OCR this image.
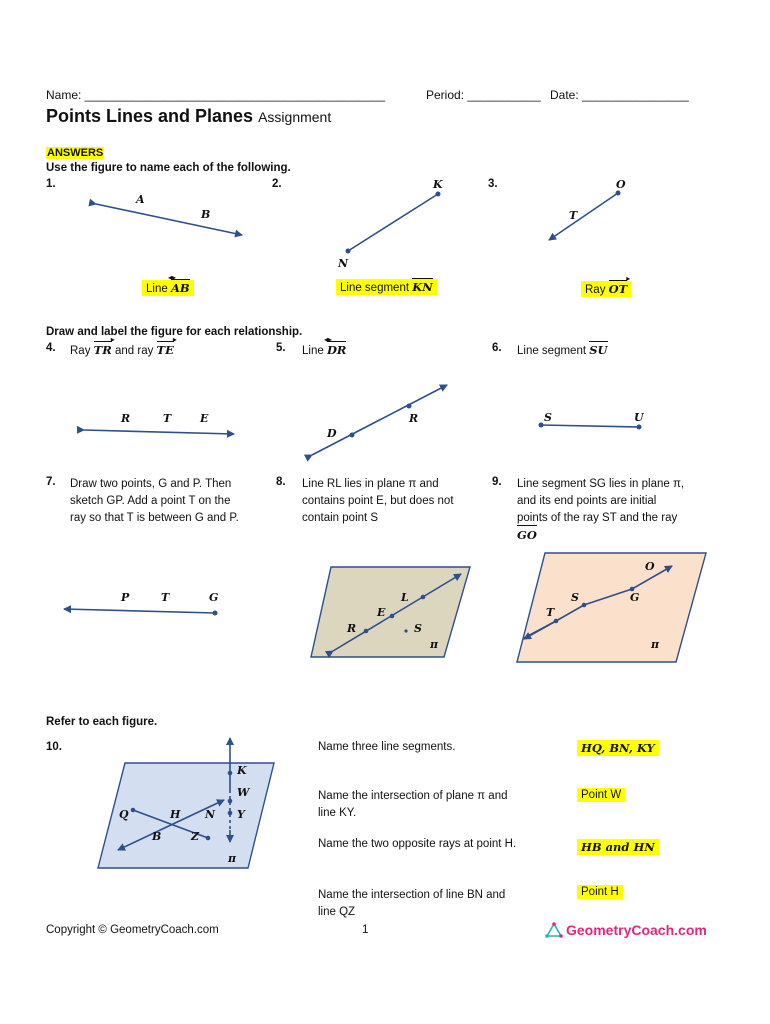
Name: _____________________________________________	Period: ___________ Date: ________________
Points Lines and Planes Assignment
ANSWERS
Use the figure to name each of the following.
1.
A
B
Line AB ◂▸
2.	K
N
Line segment KN
3.	O
T
Ray OT ▸
Draw and label the figure for each relationship.
4. Ray TR ▸ and ray TE ▸
R	T	E
5. Line DR ◂▸
R
D
6. Line segment SU
S	U
7. Draw two points, G and P. Then
sketch GP. Add a point T on the
ray so that T is between G and P.
P	T	G
8. Line RL lies in plane π and
contains point E, but does not
contain point S
L
E
R	S
π
9. Line segment SG lies in plane π,
and its end points are initial
points of the ray ST and the ray
GO
O
S	G
T
π
Refer to each figure.
10.
K
W
Y
Q	H N
B	Z
π
Name three line segments.	HQ, BN, KY
Name the intersection of plane π and
line KY.
Point W
Name the two opposite rays at point H.	HB and HN
Name the intersection of line BN and
line QZ
Point H
Copyright © GeometryCoach.com	1	GeometryCoach.com
